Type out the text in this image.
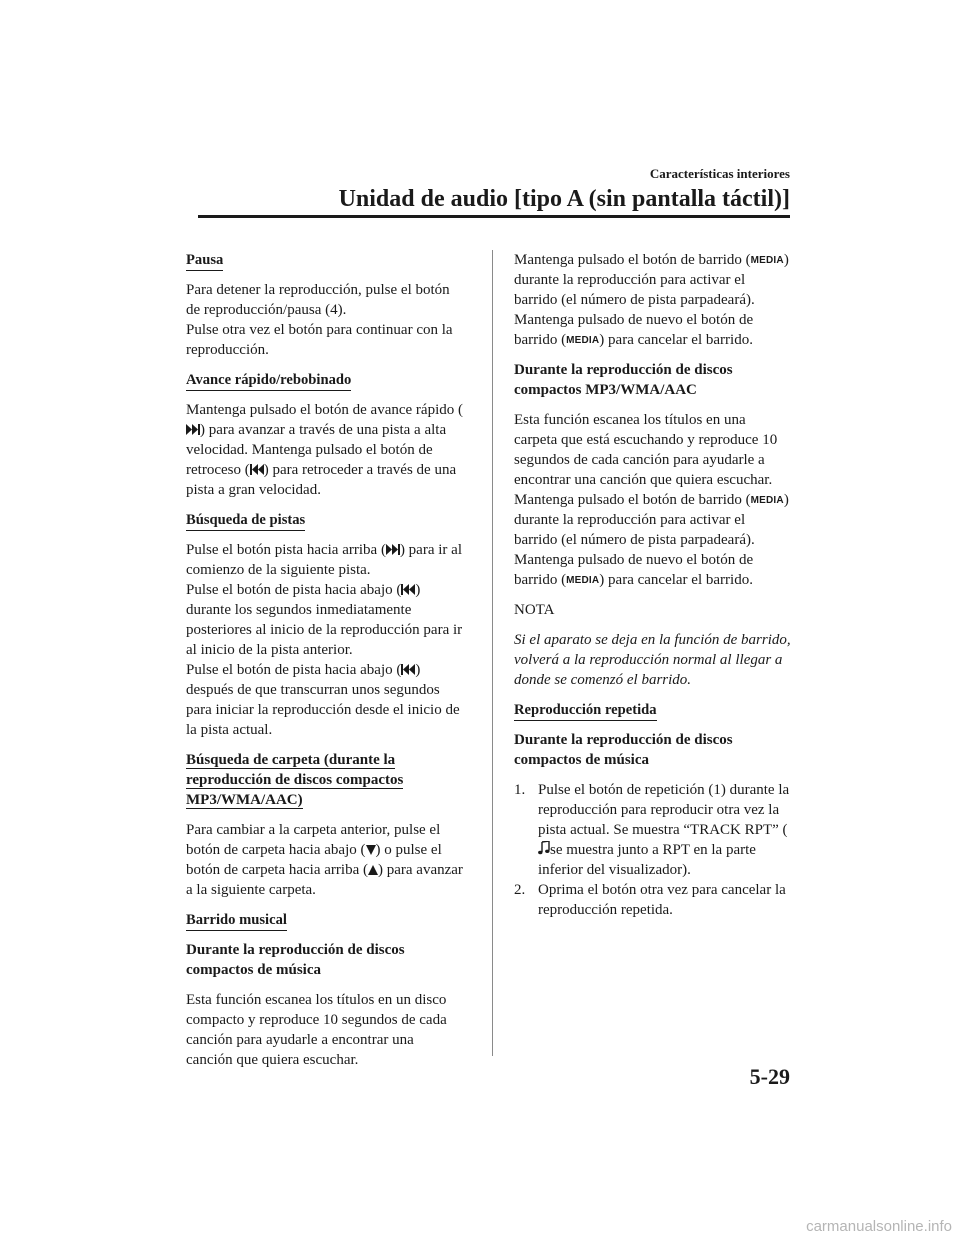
Características interiores
Unidad de audio [tipo A (sin pantalla táctil)]
Pausa

Para detener la reproducción, pulse el botón de reproducción/pausa (4).

Pulse otra vez el botón para continuar con la reproducción.

Avance rápido/rebobinado

Mantenga pulsado el botón de avance rápido () para avanzar a través de una pista a alta velocidad. Mantenga pulsado el botón de retroceso ( ) para retroceder a través de una pista a gran velocidad.

Búsqueda de pistas

Pulse el botón pista hacia arriba ( ) para ir al comienzo de la siguiente pista.

Pulse el botón de pista hacia abajo ( ) durante los segundos inmediatamente posteriores al inicio de la reproducción para ir al inicio de la pista anterior.

Pulse el botón de pista hacia abajo ( ) después de que transcurran unos segundos para iniciar la reproducción desde el inicio de la pista actual.

Búsqueda de carpeta (durante la reproducción de discos compactos MP3/WMA/AAC)

Para cambiar a la carpeta anterior, pulse el botón de carpeta hacia abajo ( ) o pulse el botón de carpeta hacia arriba ( ) para avanzar a la siguiente carpeta.

Barrido musical

Durante la reproducción de discos compactos de música

Esta función escanea los títulos en un disco compacto y reproduce 10 segundos de cada canción para ayudarle a encontrar una canción que quiera escuchar.

Mantenga pulsado el botón de barrido (MEDIA) durante la reproducción para activar el barrido (el número de pista parpadeará). Mantenga pulsado de nuevo el botón de barrido (MEDIA) para cancelar el barrido.

Durante la reproducción de discos compactos MP3/WMA/AAC

Esta función escanea los títulos en una carpeta que está escuchando y reproduce 10 segundos de cada canción para ayudarle a encontrar una canción que quiera escuchar. Mantenga pulsado el botón de barrido (MEDIA) durante la reproducción para activar el barrido (el número de pista parpadeará).

Mantenga pulsado de nuevo el botón de barrido (MEDIA) para cancelar el barrido.

NOTA

Si el aparato se deja en la función de barrido, volverá a la reproducción normal al llegar a donde se comenzó el barrido.

Reproducción repetida

Durante la reproducción de discos compactos de música

1. Pulse el botón de repetición (1) durante la reproducción para reproducir otra vez la pista actual. Se muestra “TRACK RPT” (se muestra junto a RPT en la parte inferior del visualizador).
2. Oprima el botón otra vez para cancelar la reproducción repetida.
5-29
carmanualsonline.info
